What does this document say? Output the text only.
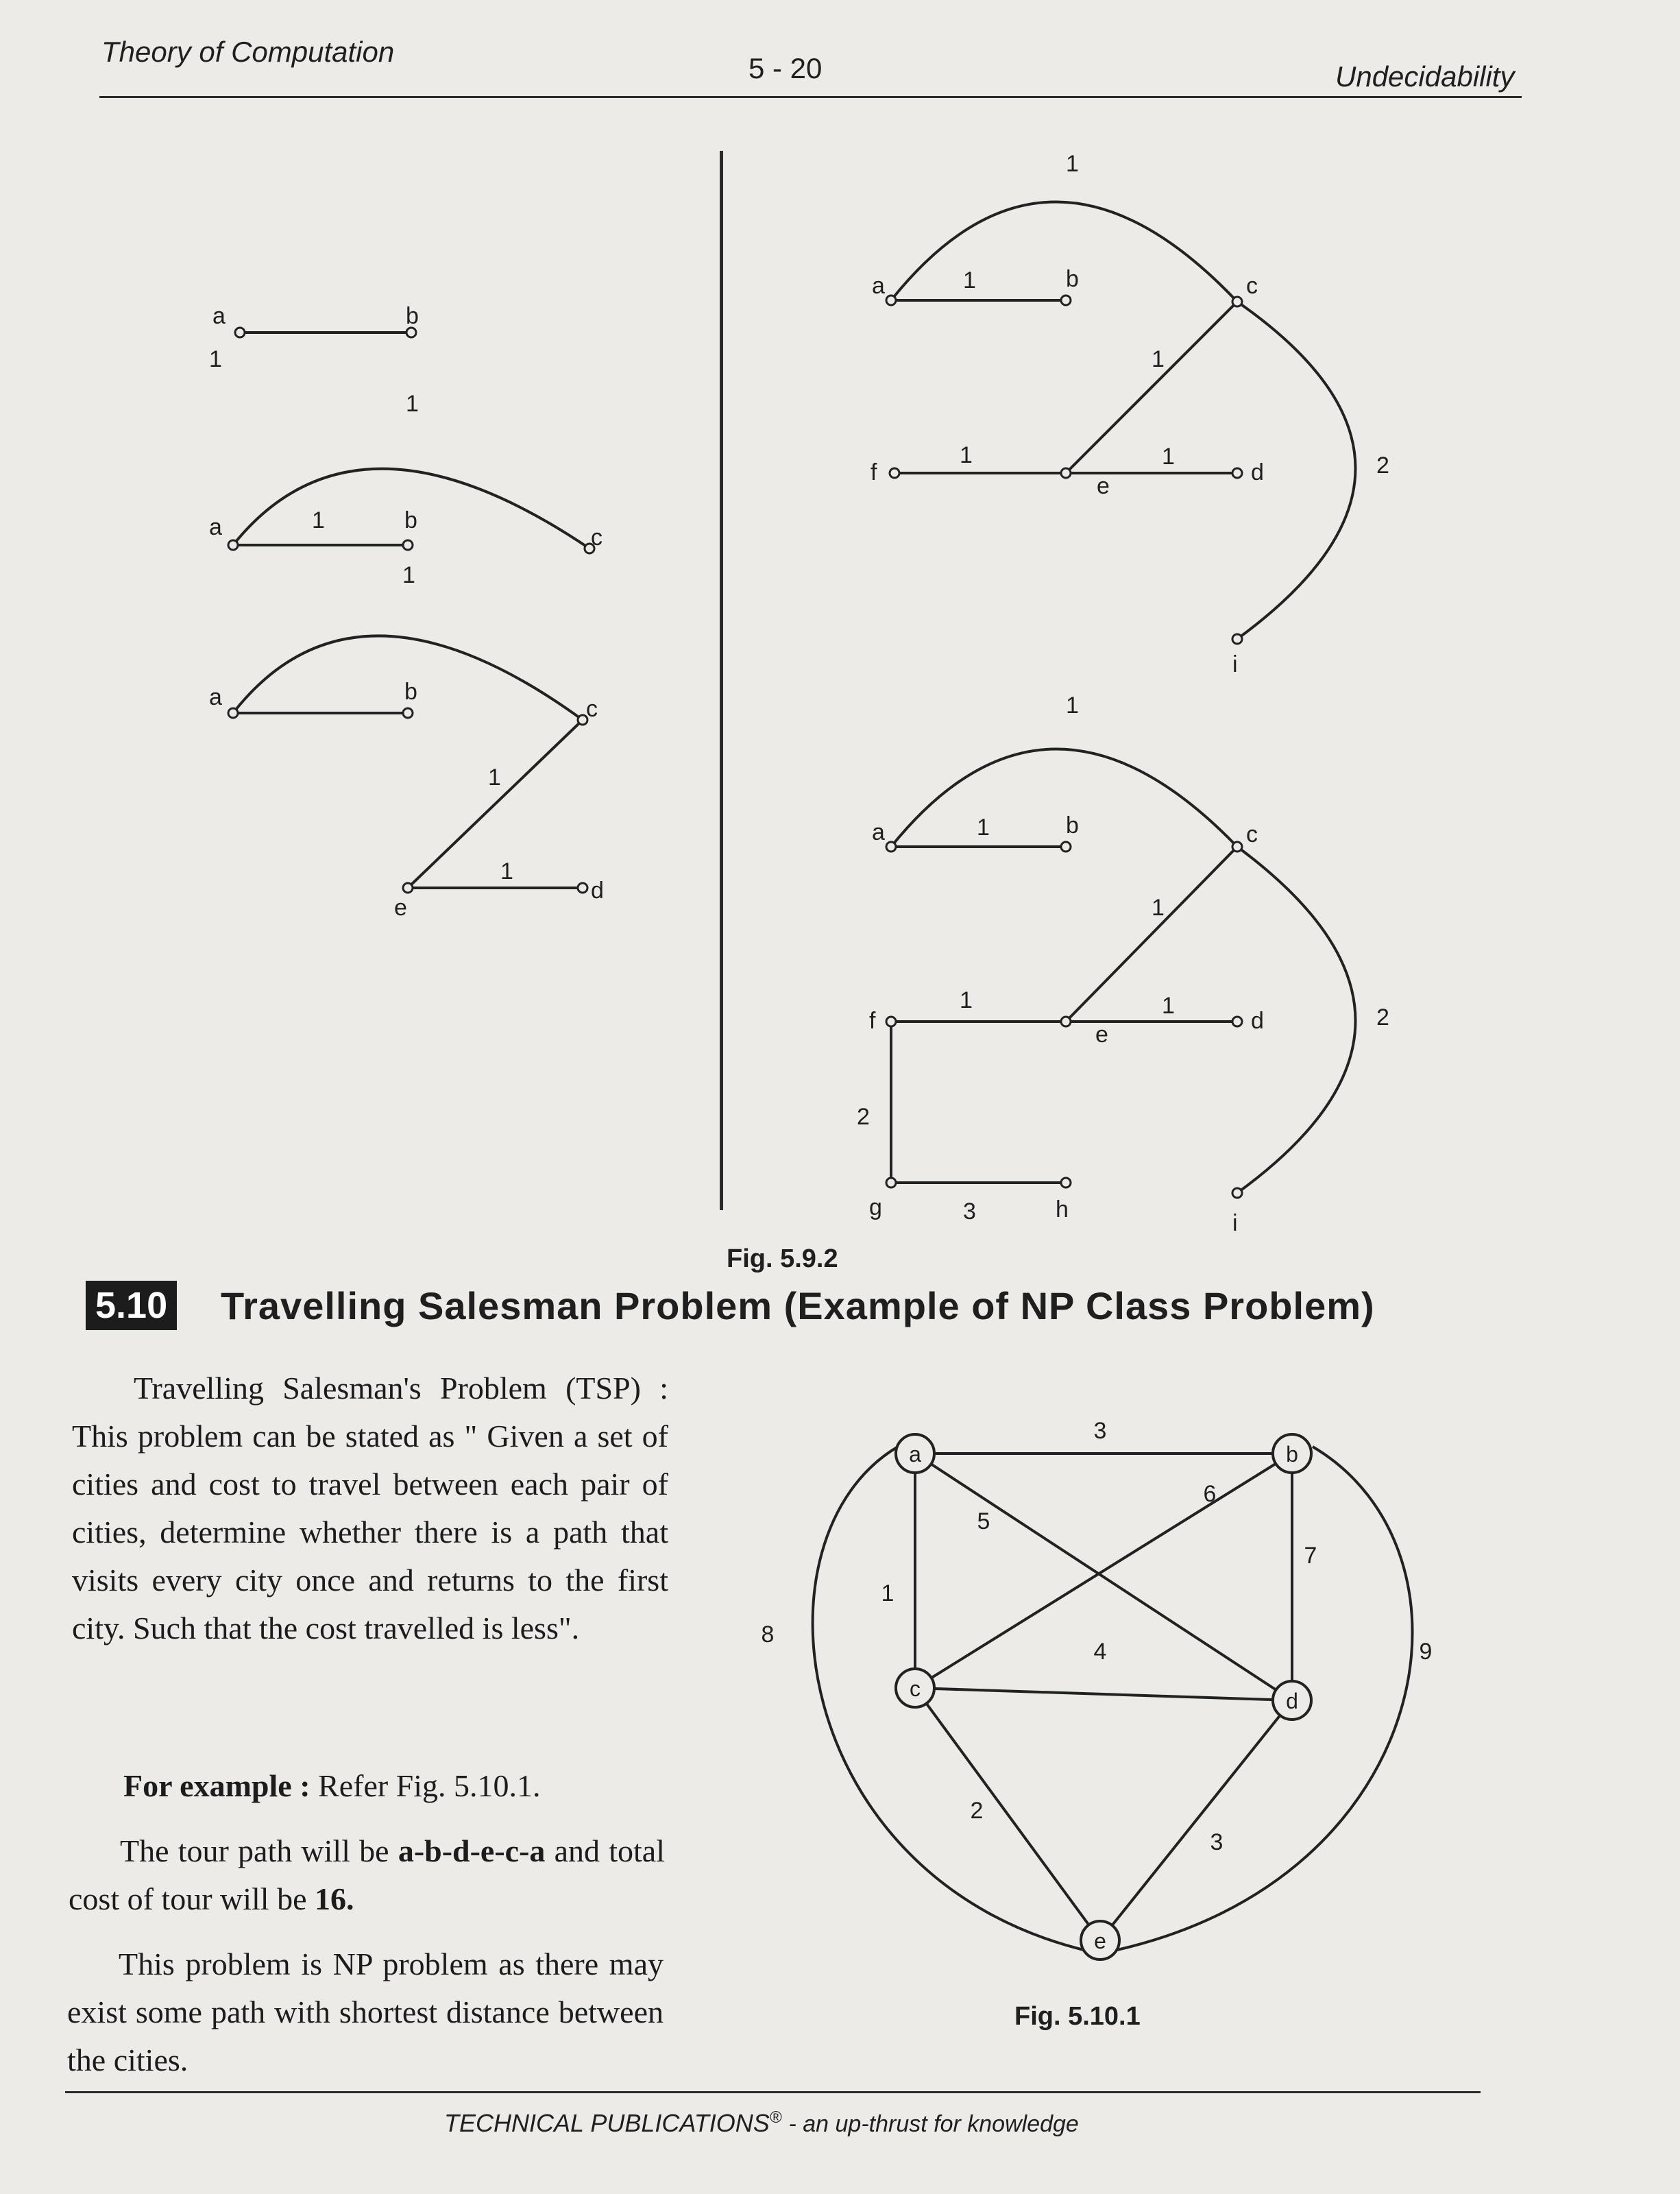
Theory of Computation
5 - 20	Undecidability
a	b
1
a	b
c
1
1
a	b
c
e
d
1
1
1
a	b	c
e
d
f
i
1
1
1
1
1	2
a	b	c
e
d
f
i
g	h
1
1
1
1
1
2
2
3
Fig. 5.9.2
5.10 Travelling Salesman Problem (Example of NP Class Problem)
Travelling Salesman's Problem (TSP) : This problem can be stated as " Given a set of cities and cost to travel between each pair of cities, determine whether there is a path that visits every city once and returns to the first city. Such that the cost travelled is less".
For example : Refer Fig. 5.10.1.
The tour path will be a-b-d-e-c-a and total cost of tour will be 16.
This problem is NP problem as there may exist some path with shortest distance between the cities.
a	b
c	d
e
3
1
5
6
7
4
2
3
8
9
Fig. 5.10.1
TECHNICAL PUBLICATIONS® - an up-thrust for knowledge
